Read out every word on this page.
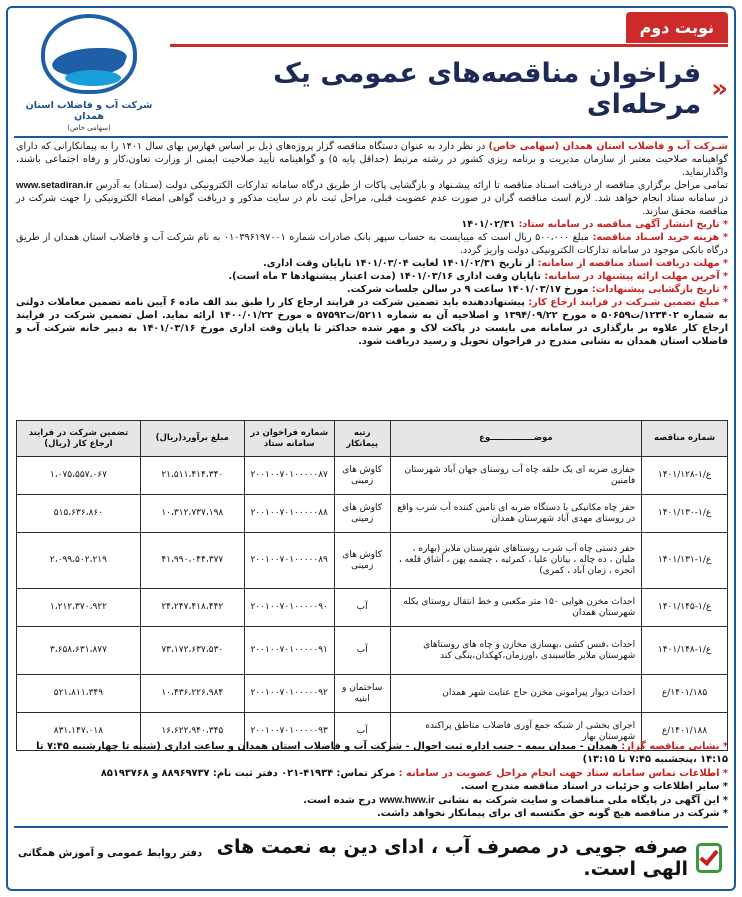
شرکت آب و فاضلاب استان همدان
(سهامی خاص)
نوبت دوم
«
فراخوان مناقصه‌های عمومی یک مرحله‌ای

شـرکت آب و فاضلاب استان همدان (سهامی خاص) در نظر دارد به عنوان دستگاه مناقصه گزار پروژه‌های ذیل بر اساس فهارس بهای سال ۱۴۰۱ را به پیمانکارانی که دارای گواهینامه صلاحیت معتبر از سازمان مدیریت و برنامه ریزی کشور در رشته مرتبط (حداقل پایه ۵) و گواهینامه تأیید صلاحیت ایمنی از وزارت تعاون،کار و رفاه اجتماعی باشند، واگذارنماید.

تمامی مراحل برگزاری مناقصه از دریافت اسـناد مناقصه تا ارائه پیشـنهاد و بازگشایی پاکات از طریق درگاه سامانه تدارکات الکترونیکی دولت (سـتاد) به آدرس www.setadiran.ir در سامانه ستاد انجام خواهد شد. لازم است مناقصه گران در صورت عدم عضویت قبلی، مراحل ثبت نام در سایت مذکور و دریافت گواهی امضاء الکترونیکی را جهت شرکت در مناقصه محقق سازند.

* تاریخ انتشار آگهی مناقصه در سامانه ستاد: ۱۴۰۱/۰۲/۳۱

* هزینه خرید اسـناد مناقصه: مبلغ ۵۰۰،۰۰۰ ریال است که میبایست به حساب سپهر بانک صادرات شماره ۰۱۰۳۹۶۱۹۷۰۰۱ به نام شرکت آب و فاضلاب استان همدان از طریق درگاه بانکی موجود در سامانه تدارکات الکترونیکی دولت واریز گردد.

* مهلت دریافت اسناد مناقصه از سامانه: از تاریخ ۱۴۰۱/۰۲/۳۱ لغایت ۱۴۰۱/۰۳/۰۴ تاپایان وقت اداری.

* آخرین مهلت ارائه پیشنهاد در سامانه: تاپایان وقت اداری ۱۴۰۱/۰۳/۱۶ (مدت اعتبار پیشنهادها ۳ ماه است).

* تاریخ بازگشایی پیشنهادات: مورخ ۱۴۰۱/۰۳/۱۷ ساعت ۹ در سالن جلسات شرکت.

* مبلغ تضمین شـرکت در فرایند ارجاع کار: پیشنهاددهنده باید تضمین شرکت در فرایند ارجاع کار را طبق بند الف ماده ۶ آیین نامه تضمین معاملات دولتی به شماره ۱۲۳۴۰۲/ت۵۰۶۵۹ ه مورخ ۱۳۹۴/۰۹/۲۲ و اصلاحیه آن به شماره ۵۲۱۱/ت۵۷۵۹۲ ه مورخ ۱۴۰۰/۰۱/۲۲ ارائه نماید. اصل تضمین شرکت در فرایند ارجاع کار علاوه بر بارگذاری در سامانه می بایست در پاکت لاک و مهر شده حداکثر تا پایان وقت اداری مورخ ۱۴۰۱/۰۳/۱۶ به دبیر خانه شرکت آب و فاضلاب استان همدان به نشانی مندرج در فراخوان تحویل و رسید دریافت شود.

شماره مناقصه	موضـــــــــــــــوع	رتبه پیمانکار	شماره فراخوان در سامانه ستاد	مبلغ برآورد(ریال)	تضمین شرکت در فرایند ارجاع کار (ریال)
ع/۱-۱۴۰۱/۱۲۸	حفاری ضربه ای یک حلقه چاه آب روستای جهان آباد شهرستان فامنین	کاوش های زمینی	۲۰۰۱۰۰۷۰۱۰۰۰۰۰۸۷	۲۱،۵۱۱،۴۱۴،۳۴۰	۱،۰۷۵،۵۵۷،۰۶۷
ع/۱-۱۴۰۱/۱۳۰	حفر چاه مکانیکی با دستگاه ضربه ای تامین کننده آب شرب واقع در روستای مهدی آباد شهرستان همدان	کاوش های زمینی	۲۰۰۱۰۰۷۰۱۰۰۰۰۰۸۸	۱۰،۳۱۲،۷۳۷،۱۹۸	۵۱۵،۶۳۶،۸۶۰
ع/۱-۱۴۰۱/۱۳۱	حفر دستی چاه آب شرب روستاهای شهرستان ملایر (بهاره ، ملیان ، ده چاله ، بیاتان علیا ، کمرئیه ، چشمه پهن ، آشاق قلعه ، اتجره ، زمان آباد ، کمری)	کاوش های زمینی	۲۰۰۱۰۰۷۰۱۰۰۰۰۰۸۹	۴۱،۹۹۰،۰۴۴،۳۷۷	۲،۰۹۹،۵۰۲،۲۱۹
ع/۱-۱۴۰۱/۱۴۵	احداث مخزن هوایی ۱۵۰ متر مکعبی و خط انتقال روستای یکله شهرستان همدان	آب	۲۰۰۱۰۰۷۰۱۰۰۰۰۰۹۰	۲۴،۲۴۷،۴۱۸،۴۴۲	۱،۲۱۲،۳۷۰،۹۲۲
ع/۱-۱۴۰۱/۱۴۸	احداث ،فنس کشی ،بهسازی مخازن و چاه های روستاهای شهرستان ملایر طاسبندی ،اورزمان،کهکدان،ینگی کند	آب	۲۰۰۱۰۰۷۰۱۰۰۰۰۰۹۱	۷۳،۱۷۲،۶۳۷،۵۳۰	۳،۶۵۸،۶۳۱،۸۷۷
۱۴۰۱/۱۸۵/ع	احداث دیوار پیرامونی مخزن حاج عنایت شهر همدان	ساختمان و ابنیه	۲۰۰۱۰۰۷۰۱۰۰۰۰۰۹۲	۱۰،۴۳۶،۲۲۶،۹۸۴	۵۲۱،۸۱۱،۳۴۹
۱۴۰۱/۱۸۸/ع	اجرای بخشی از شبکه جمع آوری فاضلاب مناطق پراکنده شهرستان بهار	آب	۲۰۰۱۰۰۷۰۱۰۰۰۰۰۹۳	۱۶،۶۲۲،۹۴۰،۳۴۵	۸۳۱،۱۴۷،۰۱۸

* نشانی مناقصه گزار: همدان - میدان بیمه - جنب اداره ثبت احوال - شرکت آب و فاضلاب استان همدان و ساعت اداری (شنبه تا چهارشنبه ۷:۴۵ تا ۱۴:۱۵ ،پنجشنبه ۷:۴۵ تا ۱۳:۱۵)

* اطلاعات تماس سامانه ستاد جهت انجام مراحل عضویت در سامانه : مرکز تماس: ۴۱۹۳۴-۰۲۱ دفتر ثبت نام: ۸۸۹۶۹۷۳۷ و ۸۵۱۹۳۷۶۸

* سایر اطلاعات و جزئیات در اسناد مناقصه مندرج است.

* این آگهی در پایگاه ملی مناقصات و سایت شرکت به نشانی www.hww.ir درج شده است.

* شرکت در مناقصه هیچ گونه حق مکتسبه ای برای پیمانکار نخواهد داشت.

صرفه جویی در مصرف آب ، ادای دین به نعمت های الهی است.
دفتر روابط عمومی و آموزش همگانی
